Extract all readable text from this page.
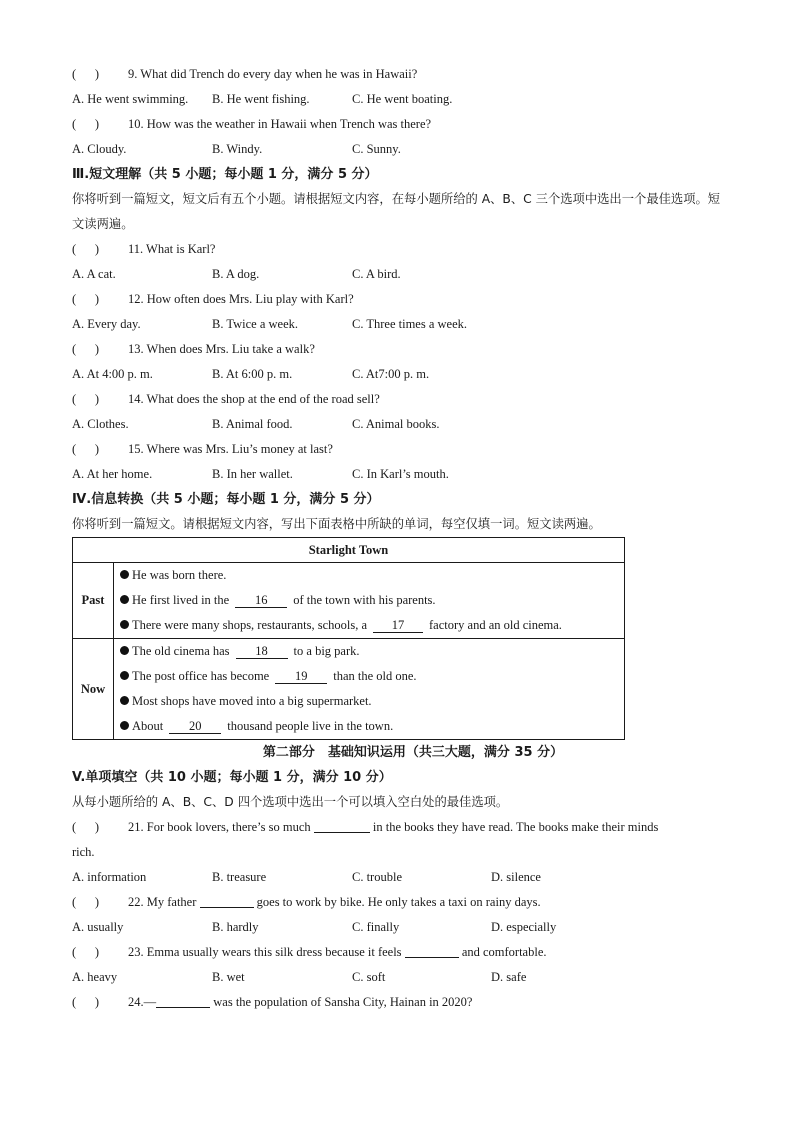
(      ) 9. What did Trench do every day when he was in Hawaii?
A. He went swimming.	B. He went fishing.	C. He went boating.
(      ) 10. How was the weather in Hawaii when Trench was there?
A. Cloudy.	B. Windy.	C. Sunny.
Ⅲ.短文理解（共 5 小题；每小题 1 分，满分 5 分）
你将听到一篇短文，短文后有五个小题。请根据短文内容，在每小题所给的 A、B、C 三个选项中选出一个最佳选项。短文读两遍。
(      ) 11. What is Karl?
A. A cat.	B. A dog.	C. A bird.
(      ) 12. How often does Mrs. Liu play with Karl?
A. Every day.	B. Twice a week.	C. Three times a week.
(      ) 13. When does Mrs. Liu take a walk?
A. At 4:00 p. m.	B. At 6:00 p. m.	C. At7:00 p. m.
(      ) 14. What does the shop at the end of the road sell?
A. Clothes.	B. Animal food.	C. Animal books.
(      ) 15. Where was Mrs. Liu’s money at last?
A. At her home.	B. In her wallet.	C. In Karl’s mouth.
Ⅳ.信息转换（共 5 小题；每小题 1 分，满分 5 分）
你将听到一篇短文。请根据短文内容，写出下面表格中所缺的单词，每空仅填一词。短文读两遍。
Starlight Town	
Past	He was born there.
He first lived in the 16 of the town with his parents.
There were many shops, restaurants, schools, a 17 factory and an old cinema.

Now	The old cinema has 18 to a big park.
The post office has become 19 than the old one.
Most shops have moved into a big supermarket.
About 20 thousand people live in the town.
第二部分　基础知识运用（共三大题，满分 35 分）
V.单项填空（共 10 小题；每小题 1 分，满分 10 分）
从每小题所给的 A、B、C、D 四个选项中选出一个可以填入空白处的最佳选项。
(      ) 21. For book lovers, there’s so much	in the books they have read. The books make their minds
rich.
A. information	B. treasure	C. trouble	D. silence
(      ) 22. My father	goes to work by bike. He only takes a taxi on rainy days.
A. usually	B. hardly	C. finally	D. especially
(      ) 23. Emma usually wears this silk dress because it feels	and comfortable.
A. heavy	B. wet	C. soft	D. safe
(      ) 24.—	was the population of Sansha City, Hainan in 2020?
